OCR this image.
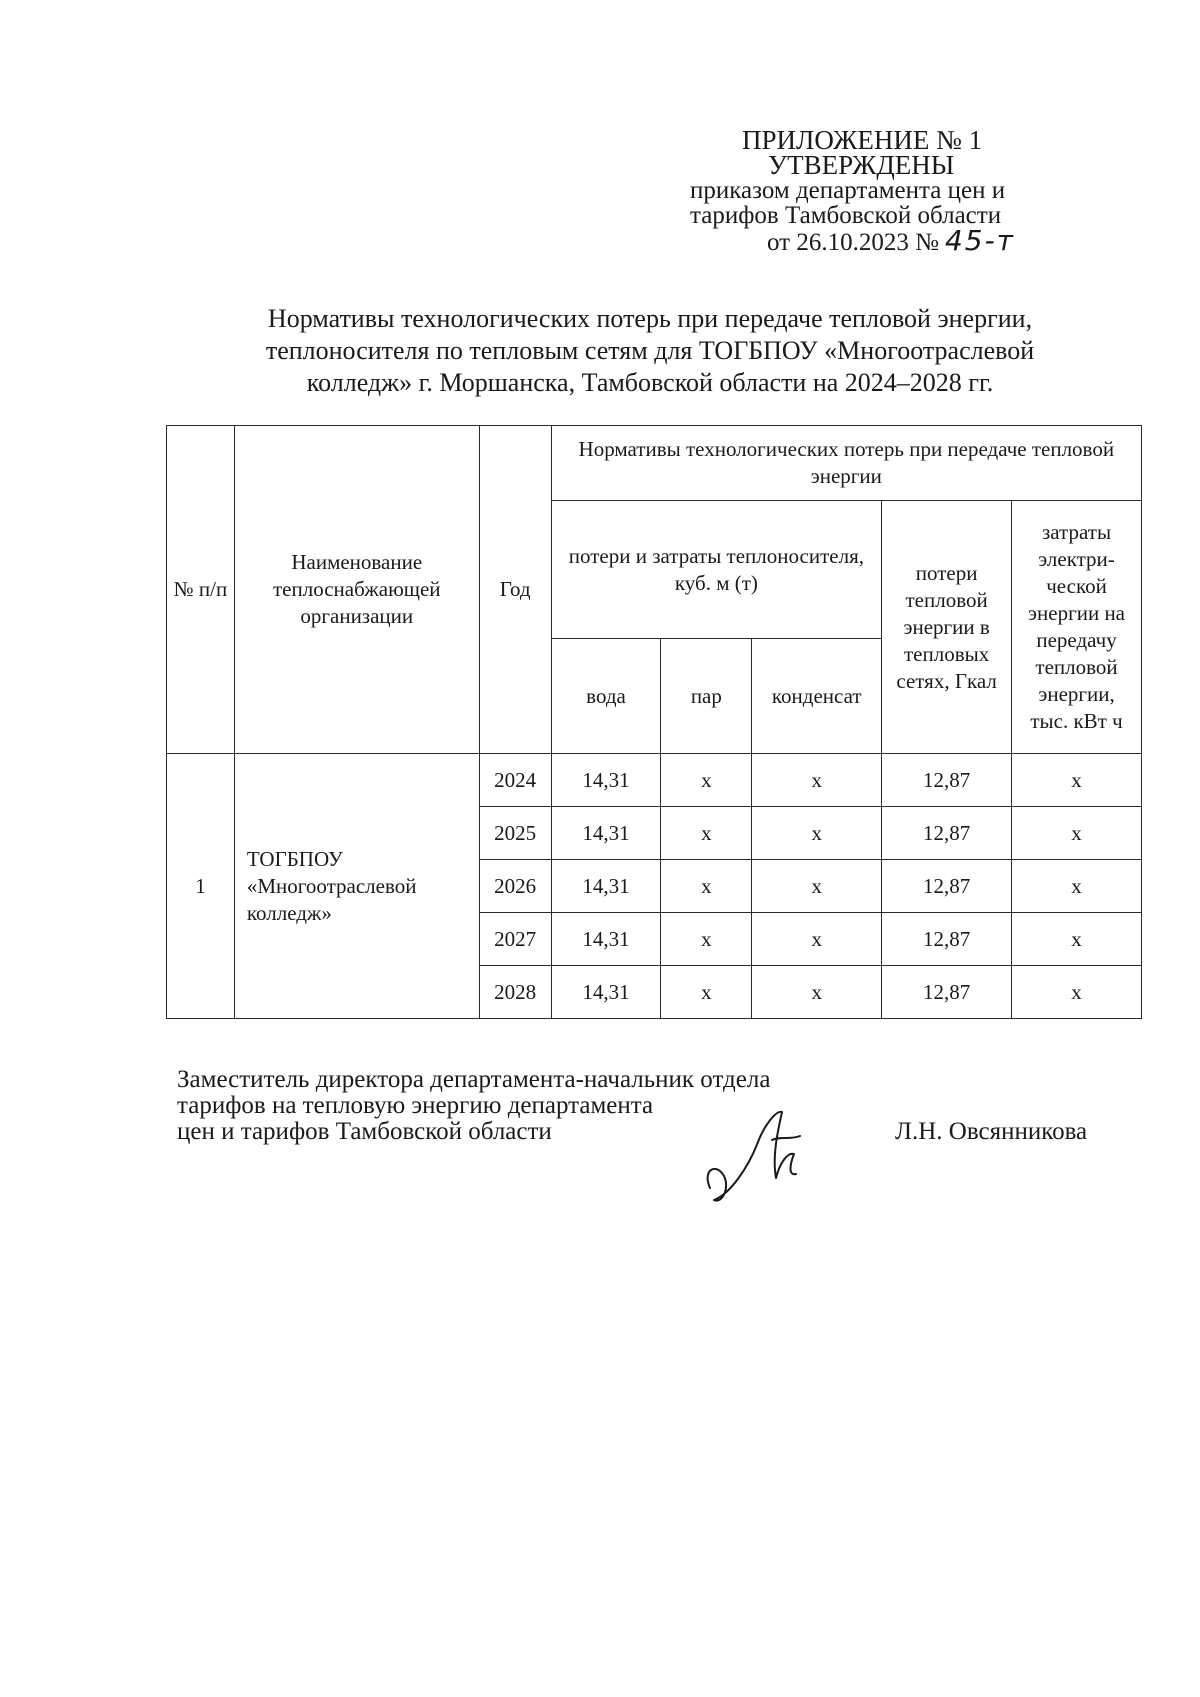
ПРИЛОЖЕНИЕ № 1
УТВЕРЖДЕНЫ
приказом департамента цен и
тарифов Тамбовской области
от 26.10.2023 № 45-т
Нормативы технологических потерь при передаче тепловой энергии,
теплоносителя по тепловым сетям для ТОГБПОУ «Многоотраслевой
колледж» г. Моршанска, Тамбовской области на 2024–2028 гг.
№ п/п	Наименование теплоснабжающей организации	Год	Нормативы технологических потерь при передаче тепловой энергии				
			потери и затраты теплоносителя, куб. м (т)			потери тепловой энергии в тепловых сетях, Гкал	затраты электри-ческой энергии на передачу тепловой энергии, тыс. кВт ч
			вода	пар	конденсат		
1	ТОГБПОУ «Многоотраслевой колледж»	2024	14,31	x	x	12,87	x
		2025	14,31	x	x	12,87	x
		2026	14,31	x	x	12,87	x
		2027	14,31	x	x	12,87	x
		2028	14,31	x	x	12,87	x
Заместитель директора департамента-начальник отдела
тарифов на тепловую энергию департамента
цен и тарифов Тамбовской области	Л.Н. Овсянникова
